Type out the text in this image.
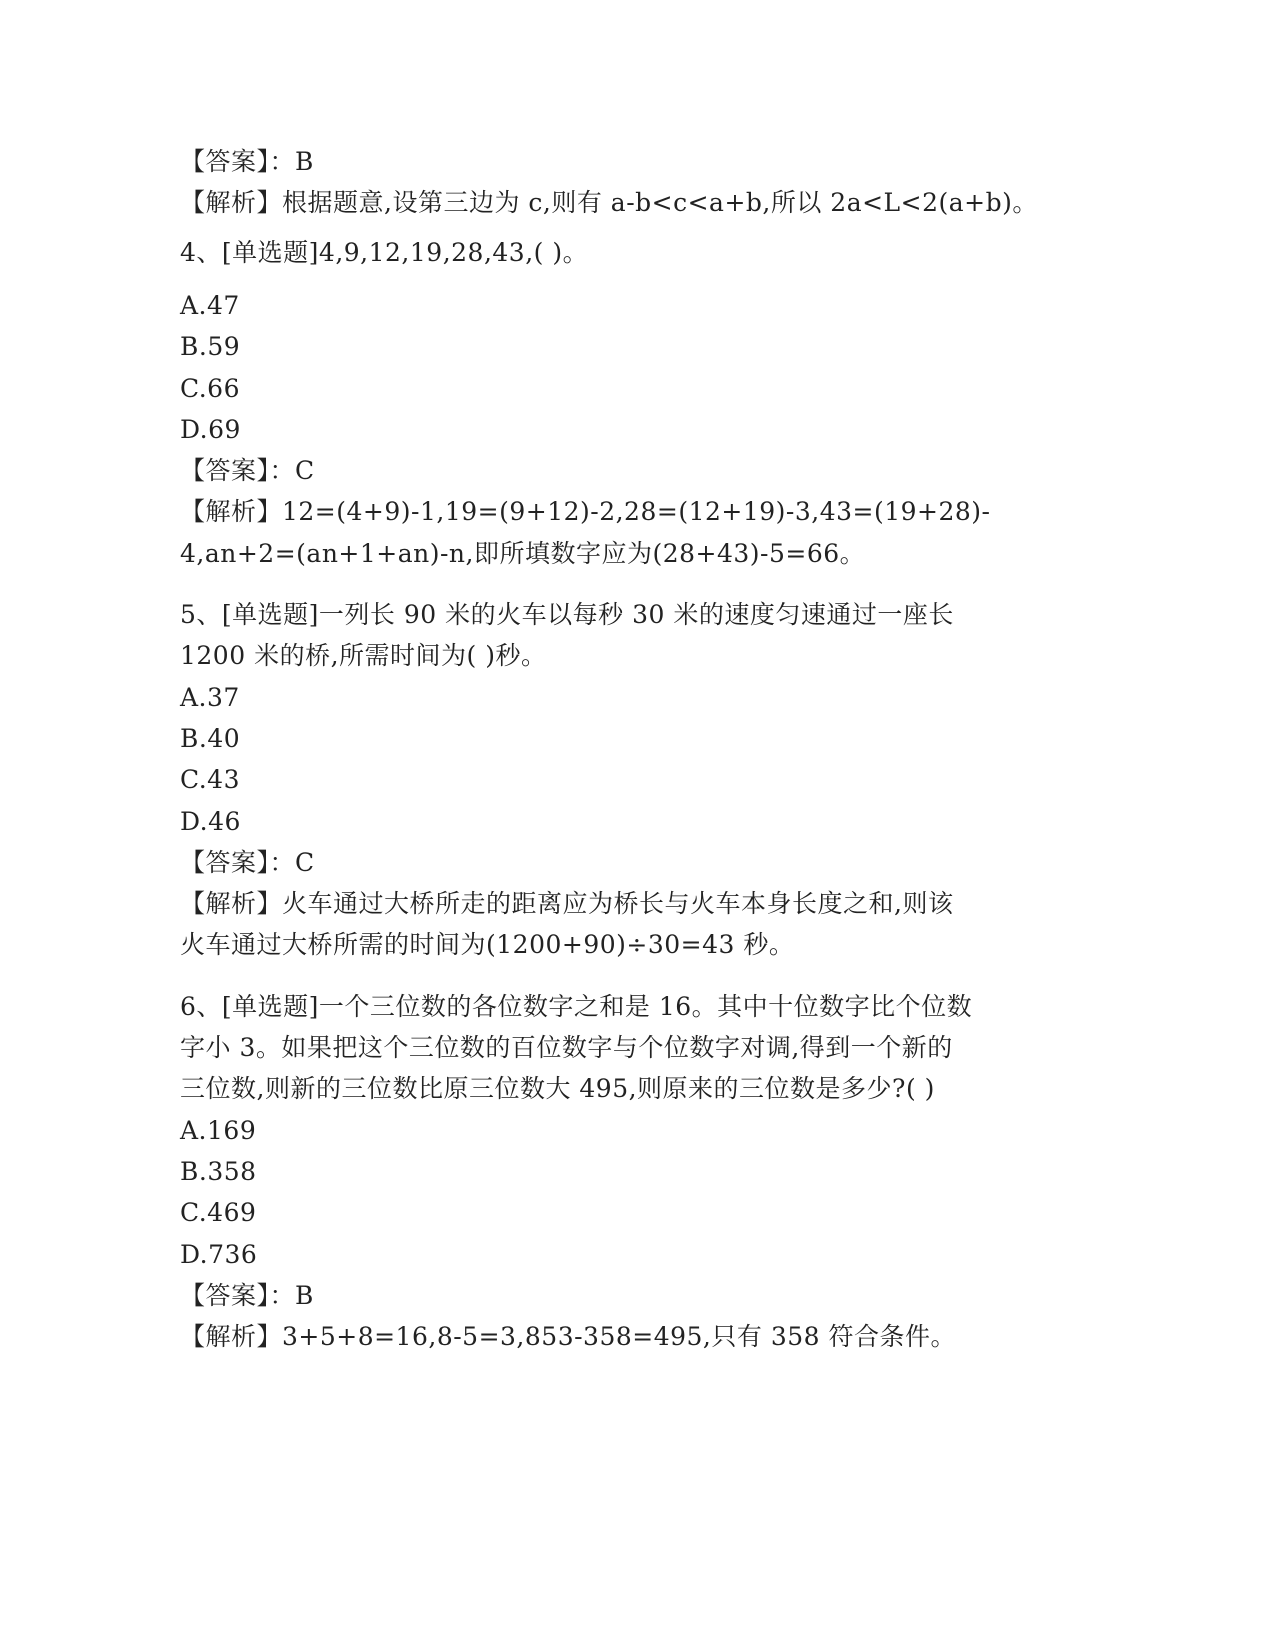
【答案】：B
【解析】根据题意,设第三边为 c,则有 a-b<c<a+b,所以 2a<L<2(a+b)。
4、[单选题]4,9,12,19,28,43,( )。
A.47
B.59
C.66
D.69
【答案】：C
【解析】12=(4+9)-1,19=(9+12)-2,28=(12+19)-3,43=(19+28)-
4,an+2=(an+1+an)-n,即所填数字应为(28+43)-5=66。
5、[单选题]一列长 90 米的火车以每秒 30 米的速度匀速通过一座长
1200 米的桥,所需时间为( )秒。
A.37
B.40
C.43
D.46
【答案】：C
【解析】火车通过大桥所走的距离应为桥长与火车本身长度之和,则该
火车通过大桥所需的时间为(1200+90)÷30=43 秒。
6、[单选题]一个三位数的各位数字之和是 16。其中十位数字比个位数
字小 3。如果把这个三位数的百位数字与个位数字对调,得到一个新的
三位数,则新的三位数比原三位数大 495,则原来的三位数是多少?( )
A.169
B.358
C.469
D.736
【答案】：B
【解析】3+5+8=16,8-5=3,853-358=495,只有 358 符合条件。
